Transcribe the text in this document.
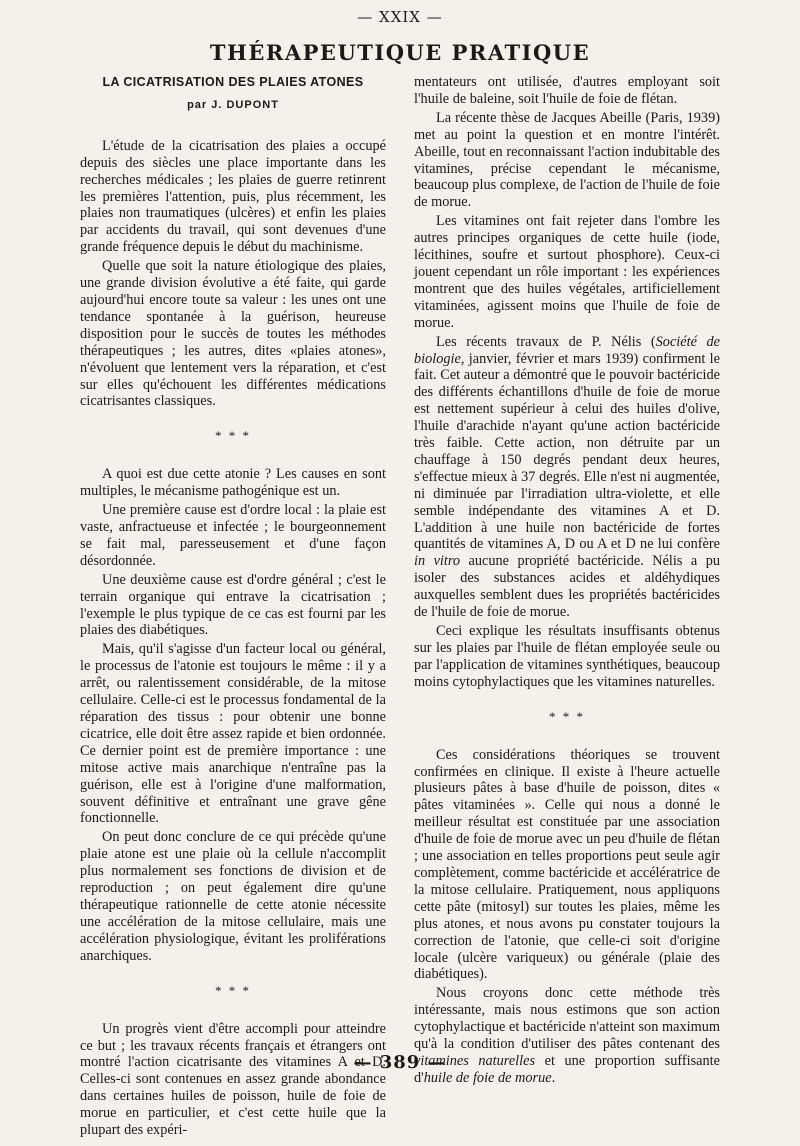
— XXIX —
THÉRAPEUTIQUE PRATIQUE
LA CICATRISATION DES PLAIES ATONES
par J. DUPONT

L'étude de la cicatrisation des plaies a occupé depuis des siècles une place importante dans les recherches médicales ; les plaies de guerre retinrent les premières l'attention, puis, plus récemment, les plaies non traumatiques (ulcères) et enfin les plaies par accidents du travail, qui sont devenues d'une grande fréquence depuis le début du machinisme.

Quelle que soit la nature étiologique des plaies, une grande division évolutive a été faite, qui garde aujourd'hui encore toute sa valeur : les unes ont une tendance spontanée à la guérison, heureuse disposition pour le succès de toutes les méthodes thérapeutiques ; les autres, dites «plaies atones», n'évoluent que lentement vers la réparation, et c'est sur elles qu'échouent les différentes médications cicatrisantes classiques.

* * *

A quoi est due cette atonie ? Les causes en sont multiples, le mécanisme pathogénique est un.

Une première cause est d'ordre local : la plaie est vaste, anfractueuse et infectée ; le bourgeonnement se fait mal, paresseusement et d'une façon désordonnée.

Une deuxième cause est d'ordre général ; c'est le terrain organique qui entrave la cicatrisation ; l'exemple le plus typique de ce cas est fourni par les plaies des diabétiques.

Mais, qu'il s'agisse d'un facteur local ou général, le processus de l'atonie est toujours le même : il y a arrêt, ou ralentissement considérable, de la mitose cellulaire. Celle-ci est le processus fondamental de la réparation des tissus : pour obtenir une bonne cicatrice, elle doit être assez rapide et bien ordonnée. Ce dernier point est de première importance : une mitose active mais anarchique n'entraîne pas la guérison, elle est à l'origine d'une malformation, souvent définitive et entraînant une grave gêne fonctionnelle.

On peut donc conclure de ce qui précède qu'une plaie atone est une plaie où la cellule n'accomplit plus normalement ses fonctions de division et de reproduction ; on peut également dire qu'une thérapeutique rationnelle de cette atonie nécessite une accélération de la mitose cellulaire, mais une accélération physiologique, évitant les proliférations anarchiques.

* * *

Un progrès vient d'être accompli pour atteindre ce but ; les travaux récents français et étrangers ont montré l'action cicatrisante des vitamines A et D. Celles-ci sont contenues en assez grande abondance dans certaines huiles de poisson, huile de foie de morue en particulier, et c'est cette huile que la plupart des expéri-

mentateurs ont utilisée, d'autres employant soit l'huile de baleine, soit l'huile de foie de flétan.

La récente thèse de Jacques Abeille (Paris, 1939) met au point la question et en montre l'intérêt. Abeille, tout en reconnaissant l'action indubitable des vitamines, précise cependant le mécanisme, beaucoup plus complexe, de l'action de l'huile de foie de morue.

Les vitamines ont fait rejeter dans l'ombre les autres principes organiques de cette huile (iode, lécithines, soufre et surtout phosphore). Ceux-ci jouent cependant un rôle important : les expériences montrent que des huiles végétales, artificiellement vitaminées, agissent moins que l'huile de foie de morue.

Les récents travaux de P. Nélis (Société de biologie, janvier, février et mars 1939) confirment le fait. Cet auteur a démontré que le pouvoir bactéricide des différents échantillons d'huile de foie de morue est nettement supérieur à celui des huiles d'olive, l'huile d'arachide n'ayant qu'une action bactéricide très faible. Cette action, non détruite par un chauffage à 150 degrés pendant deux heures, s'effectue mieux à 37 degrés. Elle n'est ni augmentée, ni diminuée par l'irradiation ultra-violette, et elle semble indépendante des vitamines A et D. L'addition à une huile non bactéricide de fortes quantités de vitamines A, D ou A et D ne lui confère in vitro aucune propriété bactéricide. Nélis a pu isoler des substances acides et aldéhydiques auxquelles semblent dues les propriétés bactéricides de l'huile de foie de morue.

Ceci explique les résultats insuffisants obtenus sur les plaies par l'huile de flétan employée seule ou par l'application de vitamines synthétiques, beaucoup moins cytophylactiques que les vitamines naturelles.

* * *

Ces considérations théoriques se trouvent confirmées en clinique. Il existe à l'heure actuelle plusieurs pâtes à base d'huile de poisson, dites « pâtes vitaminées ». Celle qui nous a donné le meilleur résultat est constituée par une association d'huile de foie de morue avec un peu d'huile de flétan ; une association en telles proportions peut seule agir complètement, comme bactéricide et accélératrice de la mitose cellulaire. Pratiquement, nous appliquons cette pâte (mitosyl) sur toutes les plaies, même les plus atones, et nous avons pu constater toujours la correction de l'atonie, que celle-ci soit d'origine locale (ulcère variqueux) ou générale (plaie des diabétiques).

Nous croyons donc cette méthode très intéressante, mais nous estimons que son action cytophylactique et bactéricide n'atteint son maximum qu'à la condition d'utiliser des pâtes contenant des vitamines naturelles et une proportion suffisante d'huile de foie de morue.

— 389 —
